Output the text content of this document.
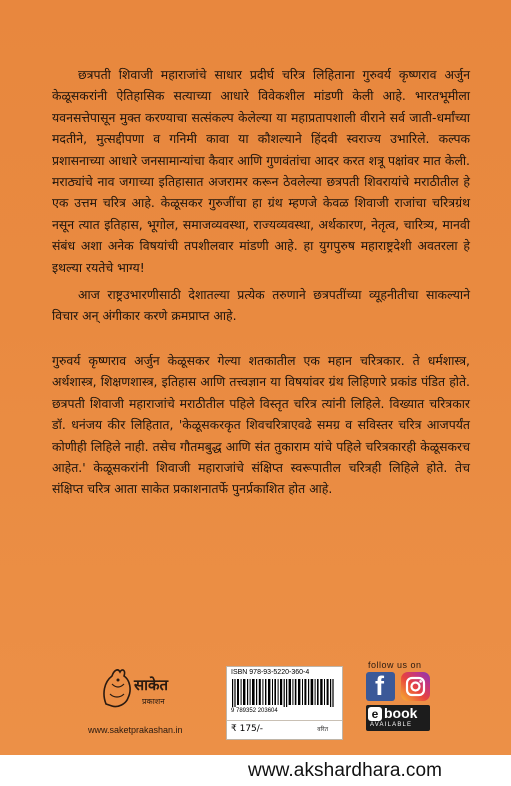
छत्रपती शिवाजी महाराजांचे साधार प्रदीर्घ चरित्र लिहिताना गुरुवर्य कृष्णराव अर्जुन केळूसकरांनी ऐतिहासिक सत्याच्या आधारे विवेकशील मांडणी केली आहे. भारतभूमीला यवनसत्तेपासून मुक्त करण्याचा सत्संकल्प केलेल्या या महाप्रतापशाली वीराने सर्व जाती-धर्मांच्या मदतीने, मुत्सद्दीपणा व गनिमी कावा या कौशल्याने हिंदवी स्वराज्य उभारिले. कल्पक प्रशासनाच्या आधारे जनसामान्यांचा कैवार आणि गुणवंतांचा आदर करत शत्रू पक्षांवर मात केली. मराठ्यांचे नाव जगाच्या इतिहासात अजरामर करून ठेवलेल्या छत्रपती शिवरायांचे मराठीतील हे एक उत्तम चरित्र आहे. केळूसकर गुरुजींचा हा ग्रंथ म्हणजे केवळ शिवाजी राजांचा चरित्रग्रंथ नसून त्यात इतिहास, भूगोल, समाजव्यवस्था, राज्यव्यवस्था, अर्थकारण, नेतृत्व, चारित्र्य, मानवी संबंध अशा अनेक विषयांची तपशीलवार मांडणी आहे. हा युगपुरुष महाराष्ट्रदेशी अवतरला हे इथल्या रयतेचे भाग्य!

आज राष्ट्रउभारणीसाठी देशातल्या प्रत्येक तरुणाने छत्रपतींच्या व्यूहनीतीचा साकल्याने विचार अन् अंगीकार करणे क्रमप्राप्त आहे.

गुरुवर्य कृष्णराव अर्जुन केळूसकर गेल्या शतकातील एक महान चरित्रकार. ते धर्मशास्त्र, अर्थशास्त्र, शिक्षणशास्त्र, इतिहास आणि तत्त्वज्ञान या विषयांवर ग्रंथ लिहिणारे प्रकांड पंडित होते. छत्रपती शिवाजी महाराजांचे मराठीतील पहिले विस्तृत चरित्र त्यांनी लिहिले. विख्यात चरित्रकार डॉ. धनंजय कीर लिहितात, 'केळूसकरकृत शिवचरित्राएवढे समग्र व सविस्तर चरित्र आजपर्यंत कोणीही लिहिले नाही. तसेच गौतमबुद्ध आणि संत तुकाराम यांचे पहिले चरित्रकारही केळूसकरच आहेत.' केळूसकरांनी शिवाजी महाराजांचे संक्षिप्त स्वरूपातील चरित्रही लिहिले होते. तेच संक्षिप्त चरित्र आता साकेत प्रकाशनातर्फे पुनर्प्रकाशित होत आहे.

साकेत
प्रकाशन
www.saketprakashan.in
ISBN 978-93-5220-360-4
9 789352 203604
₹ 175/-	वरित
follow us on
f
e book
AVAILABLE
www.akshardhara.com
